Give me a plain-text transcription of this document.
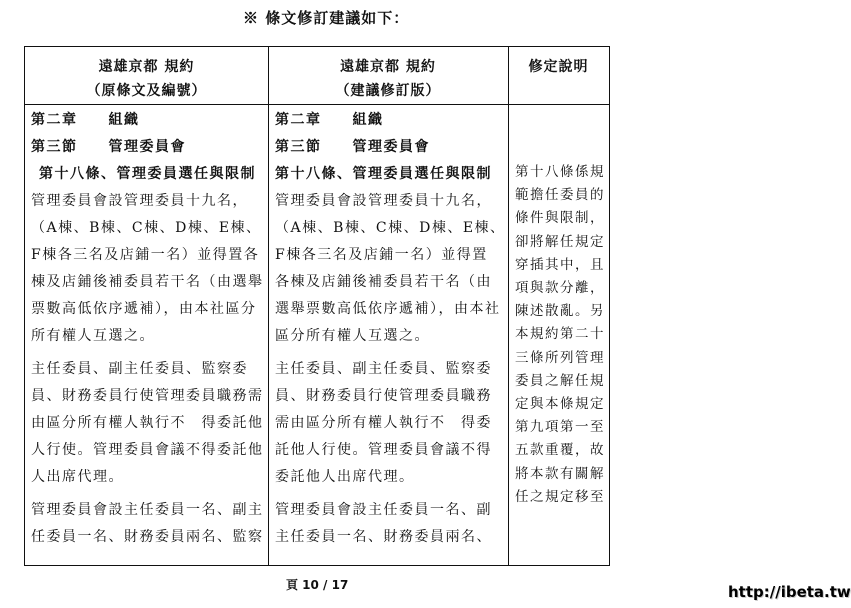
※ 條文修訂建議如下：
遠雄京都 規約
（原條文及編號）
遠雄京都 規約
（建議修訂版）
修定說明

第二章　　組織

第三節　　管理委員會

第十八條、管理委員選任與限制

管理委員會設管理委員十九名，

（A棟、B棟、C棟、D棟、E棟、

F棟各三名及店鋪一名）並得置各

棟及店鋪後補委員若干名（由選舉

票數高低依序遞補），由本社區分

所有權人互選之。

主任委員、副主任委員、監察委

員、財務委員行使管理委員職務需

由區分所有權人執行不　得委託他

人行使。管理委員會議不得委託他

人出席代理。

管理委員會設主任委員一名、副主

任委員一名、財務委員兩名、監察

第二章　　組織

第三節　　管理委員會

第十八條、管理委員選任與限制

管理委員會設管理委員十九名，

（A棟、B棟、C棟、D棟、E棟、

F棟各三名及店鋪一名）並得置

各棟及店鋪後補委員若干名（由

選舉票數高低依序遞補），由本社

區分所有權人互選之。

主任委員、副主任委員、監察委

員、財務委員行使管理委員職務

需由區分所有權人執行不　得委

託他人行使。管理委員會議不得

委託他人出席代理。

管理委員會設主任委員一名、副

主任委員一名、財務委員兩名、

第十八條係規

範擔任委員的

條件與限制，

卻將解任規定

穿插其中，且

項與款分離，

陳述散亂。另

本規約第二十

三條所列管理

委員之解任規

定與本條規定

第九項第一至

五款重覆，故

將本款有關解

任之規定移至

頁 10 / 17	http://ibeta.tw
